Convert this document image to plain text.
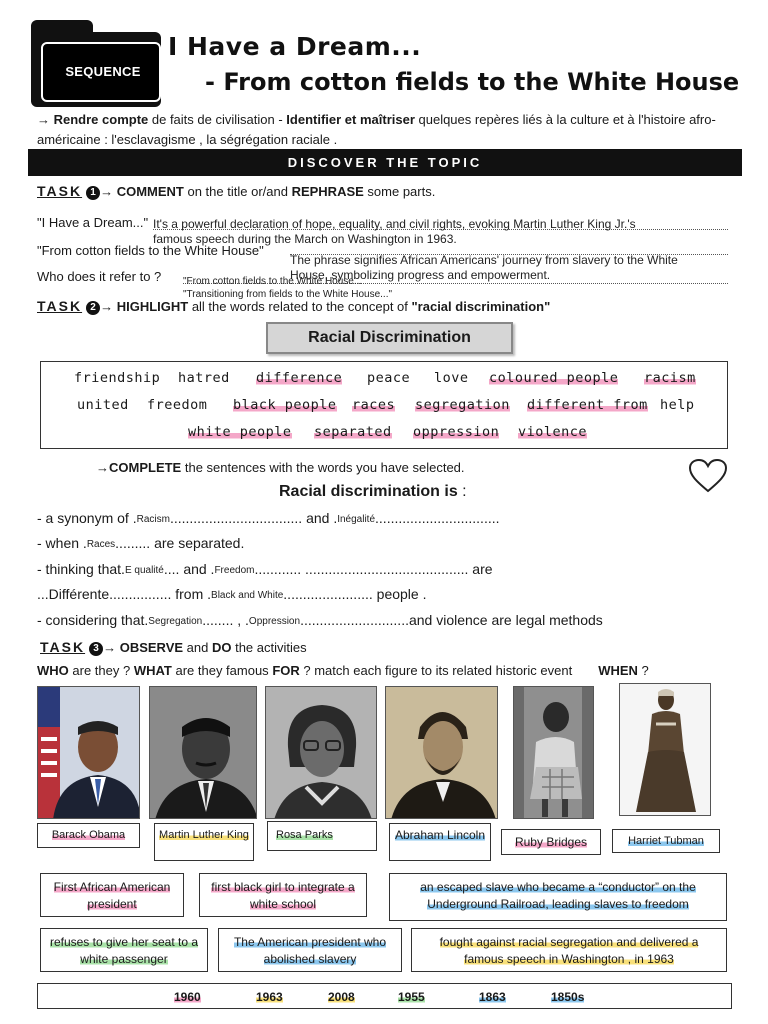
SEQUENCE
I Have a Dream...
- From cotton fields to the White House
→ Rendre compte de faits de civilisation - Identifier et maîtriser quelques repères liés à la culture et à l'histoire afro-américaine : l'esclavagisme , la ségrégation raciale .
DISCOVER THE TOPIC
TASK 1 → COMMENT on the title or/and REPHRASE some parts.
"I Have a Dream..." It's a powerful declaration of hope, equality, and civil rights, evoking Martin Luther King Jr.'s
famous speech during the March on Washington in 1963.
"From cotton fields to the White House"
The phrase signifies African Americans' journey from slavery to the White
House, symbolizing progress and empowerment.
Who does it refer to ? "From cotton fields to the White House...
"Transitioning from fields to the White House..."
TASK 2 → HIGHLIGHT all the words related to the concept of "racial discrimination"
Racial Discrimination
friendship hatred difference peace love coloured people racism
united freedom black people races segregation different from help
white people separated oppression violence
→COMPLETE the sentences with the words you have selected.
Racial discrimination is :
- a synonym of .Racism.................................. and .Inégalité................................
- when .Races......... are separated.
- thinking that.E qualité.... and .Freedom............ .......................................... are
...Différente................ from .Black and White....................... people .
- considering that.Segregation........ , .Oppression............................and violence are legal methods
TASK 3 → OBSERVE and DO the activities
WHO are they ? WHAT are they famous FOR ? match each figure to its related historic event WHEN ?
Barack Obama	Martin Luther King	Rosa Parks	Abraham Lincoln	Ruby Bridges	Harriet Tubman
First African American president
first black girl to integrate a white school
an escaped slave who became a “conductor” on the Underground Railroad, leading slaves to freedom
refuses to give her seat to a white passenger
The American president who abolished slavery
fought against racial segregation and delivered a famous speech in Washington , in 1963
1960	1963	2008	1955	1863	1850s
